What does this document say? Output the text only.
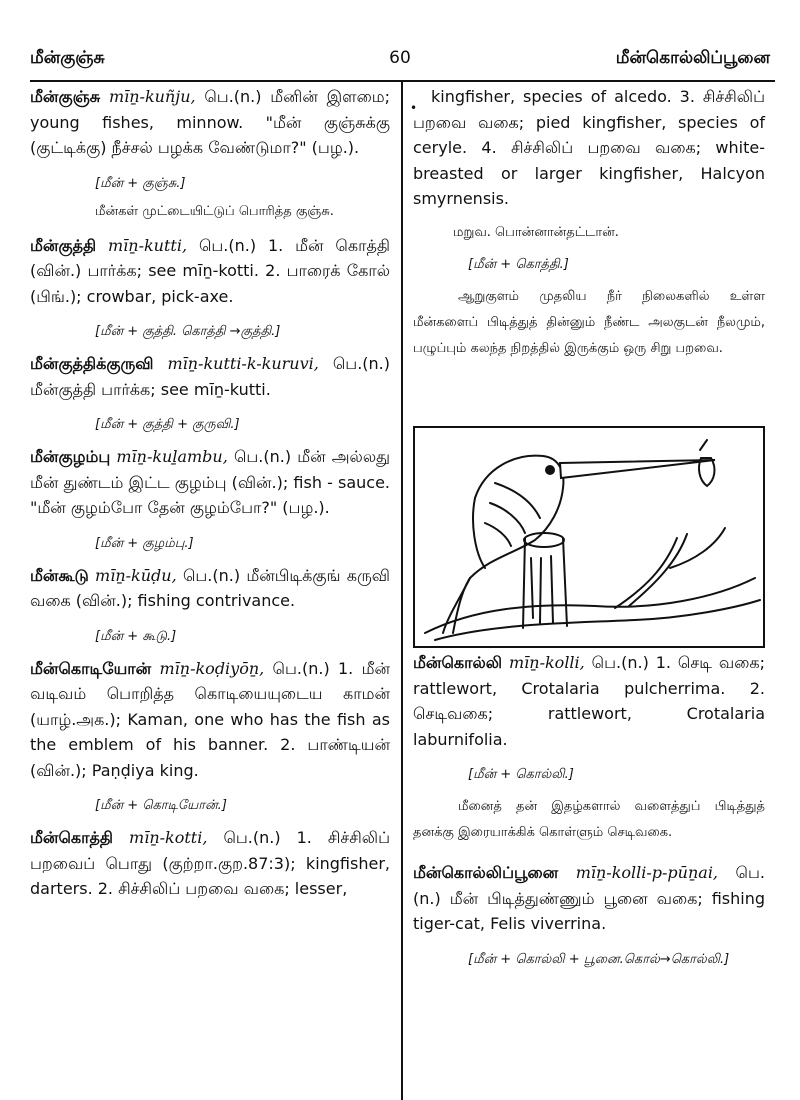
60
மீன்குஞ்சு	மீன்கொல்லிப்பூனை
மீன்குஞ்சு mīṉ-kuñju, பெ.(n.) மீனின் இளமை; young fishes, minnow. "மீன் குஞ்சுக்கு (குட்டிக்கு) நீச்சல் பழக்க வேண்டுமா?" (பழ.).
[மீன் + குஞ்சு.]
மீன்கள் முட்டையிட்டுப் பொரித்த குஞ்சு.
மீன்குத்தி mīṉ-kutti, பெ.(n.) 1. மீன் கொத்தி (வின்.) பார்க்க; see mīṉ-kotti. 2. பாரைக் கோல் (பிங்.); crowbar, pick-axe.
[மீன் + குத்தி. கொத்தி →குத்தி.]
மீன்குத்திக்குருவி mīṉ-kutti-k-kuruvi, பெ.(n.) மீன்குத்தி பார்க்க; see mīṉ-kutti.
[மீன் + குத்தி + குருவி.]
மீன்குழம்பு mīṉ-kuḻambu, பெ.(n.) மீன் அல்லது மீன் துண்டம் இட்ட குழம்பு (வின்.); fish - sauce. "மீன் குழம்போ தேன் குழம்போ?" (பழ.).
[மீன் + குழம்பு.]
மீன்கூடு mīṉ-kūḍu, பெ.(n.) மீன்பிடிக்குங் கருவி வகை (வின்.); fishing contrivance.
[மீன் + கூடு.]
மீன்கொடியோன் mīṉ-koḍiyōṉ, பெ.(n.) 1. மீன் வடிவம் பொறித்த கொடியையுடைய காமன் (யாழ்.அக.); Kaman, one who has the fish as the emblem of his banner. 2. பாண்டியன் (வின்.); Paṇḍiya king.
[மீன் + கொடியோன்.]
மீன்கொத்தி mīṉ-kotti, பெ.(n.) 1. சிச்சிலிப் பறவைப் பொது (குற்றா.குற.87:3); kingfisher, darters. 2. சிச்சிலிப் பறவை வகை; lesser,
•
kingfisher, species of alcedo. 3. சிச்சிலிப் பறவை வகை; pied kingfisher, species of ceryle. 4. சிச்சிலிப் பறவை வகை; white-breasted or larger kingfisher, Halcyon smyrnensis.
மறுவ. பொன்னான்தட்டான்.
[மீன் + கொத்தி.]
ஆறுகுளம் முதலிய நீர் நிலைகளில் உள்ள மீன்களைப் பிடித்துத் தின்னும் நீண்ட அலகுடன் நீலமும், பழுப்பும் கலந்த நிறத்தில் இருக்கும் ஒரு சிறு பறவை.
மீன்கொல்லி mīṉ-kolli, பெ.(n.) 1. செடி வகை; rattlewort, Crotalaria pulcherrima. 2. செடிவகை; rattlewort, Crotalaria laburnifolia.
[மீன் + கொல்லி.]
மீனைத் தன் இதழ்களால் வளைத்துப் பிடித்துத் தனக்கு இரையாக்கிக் கொள்ளும் செடிவகை.
மீன்கொல்லிப்பூனை mīṉ-kolli-p-pūṉai, பெ.(n.) மீன் பிடித்துண்ணும் பூனை வகை; fishing tiger-cat, Felis viverrina.
[மீன் + கொல்லி + பூனை.கொல்→கொல்லி.]
